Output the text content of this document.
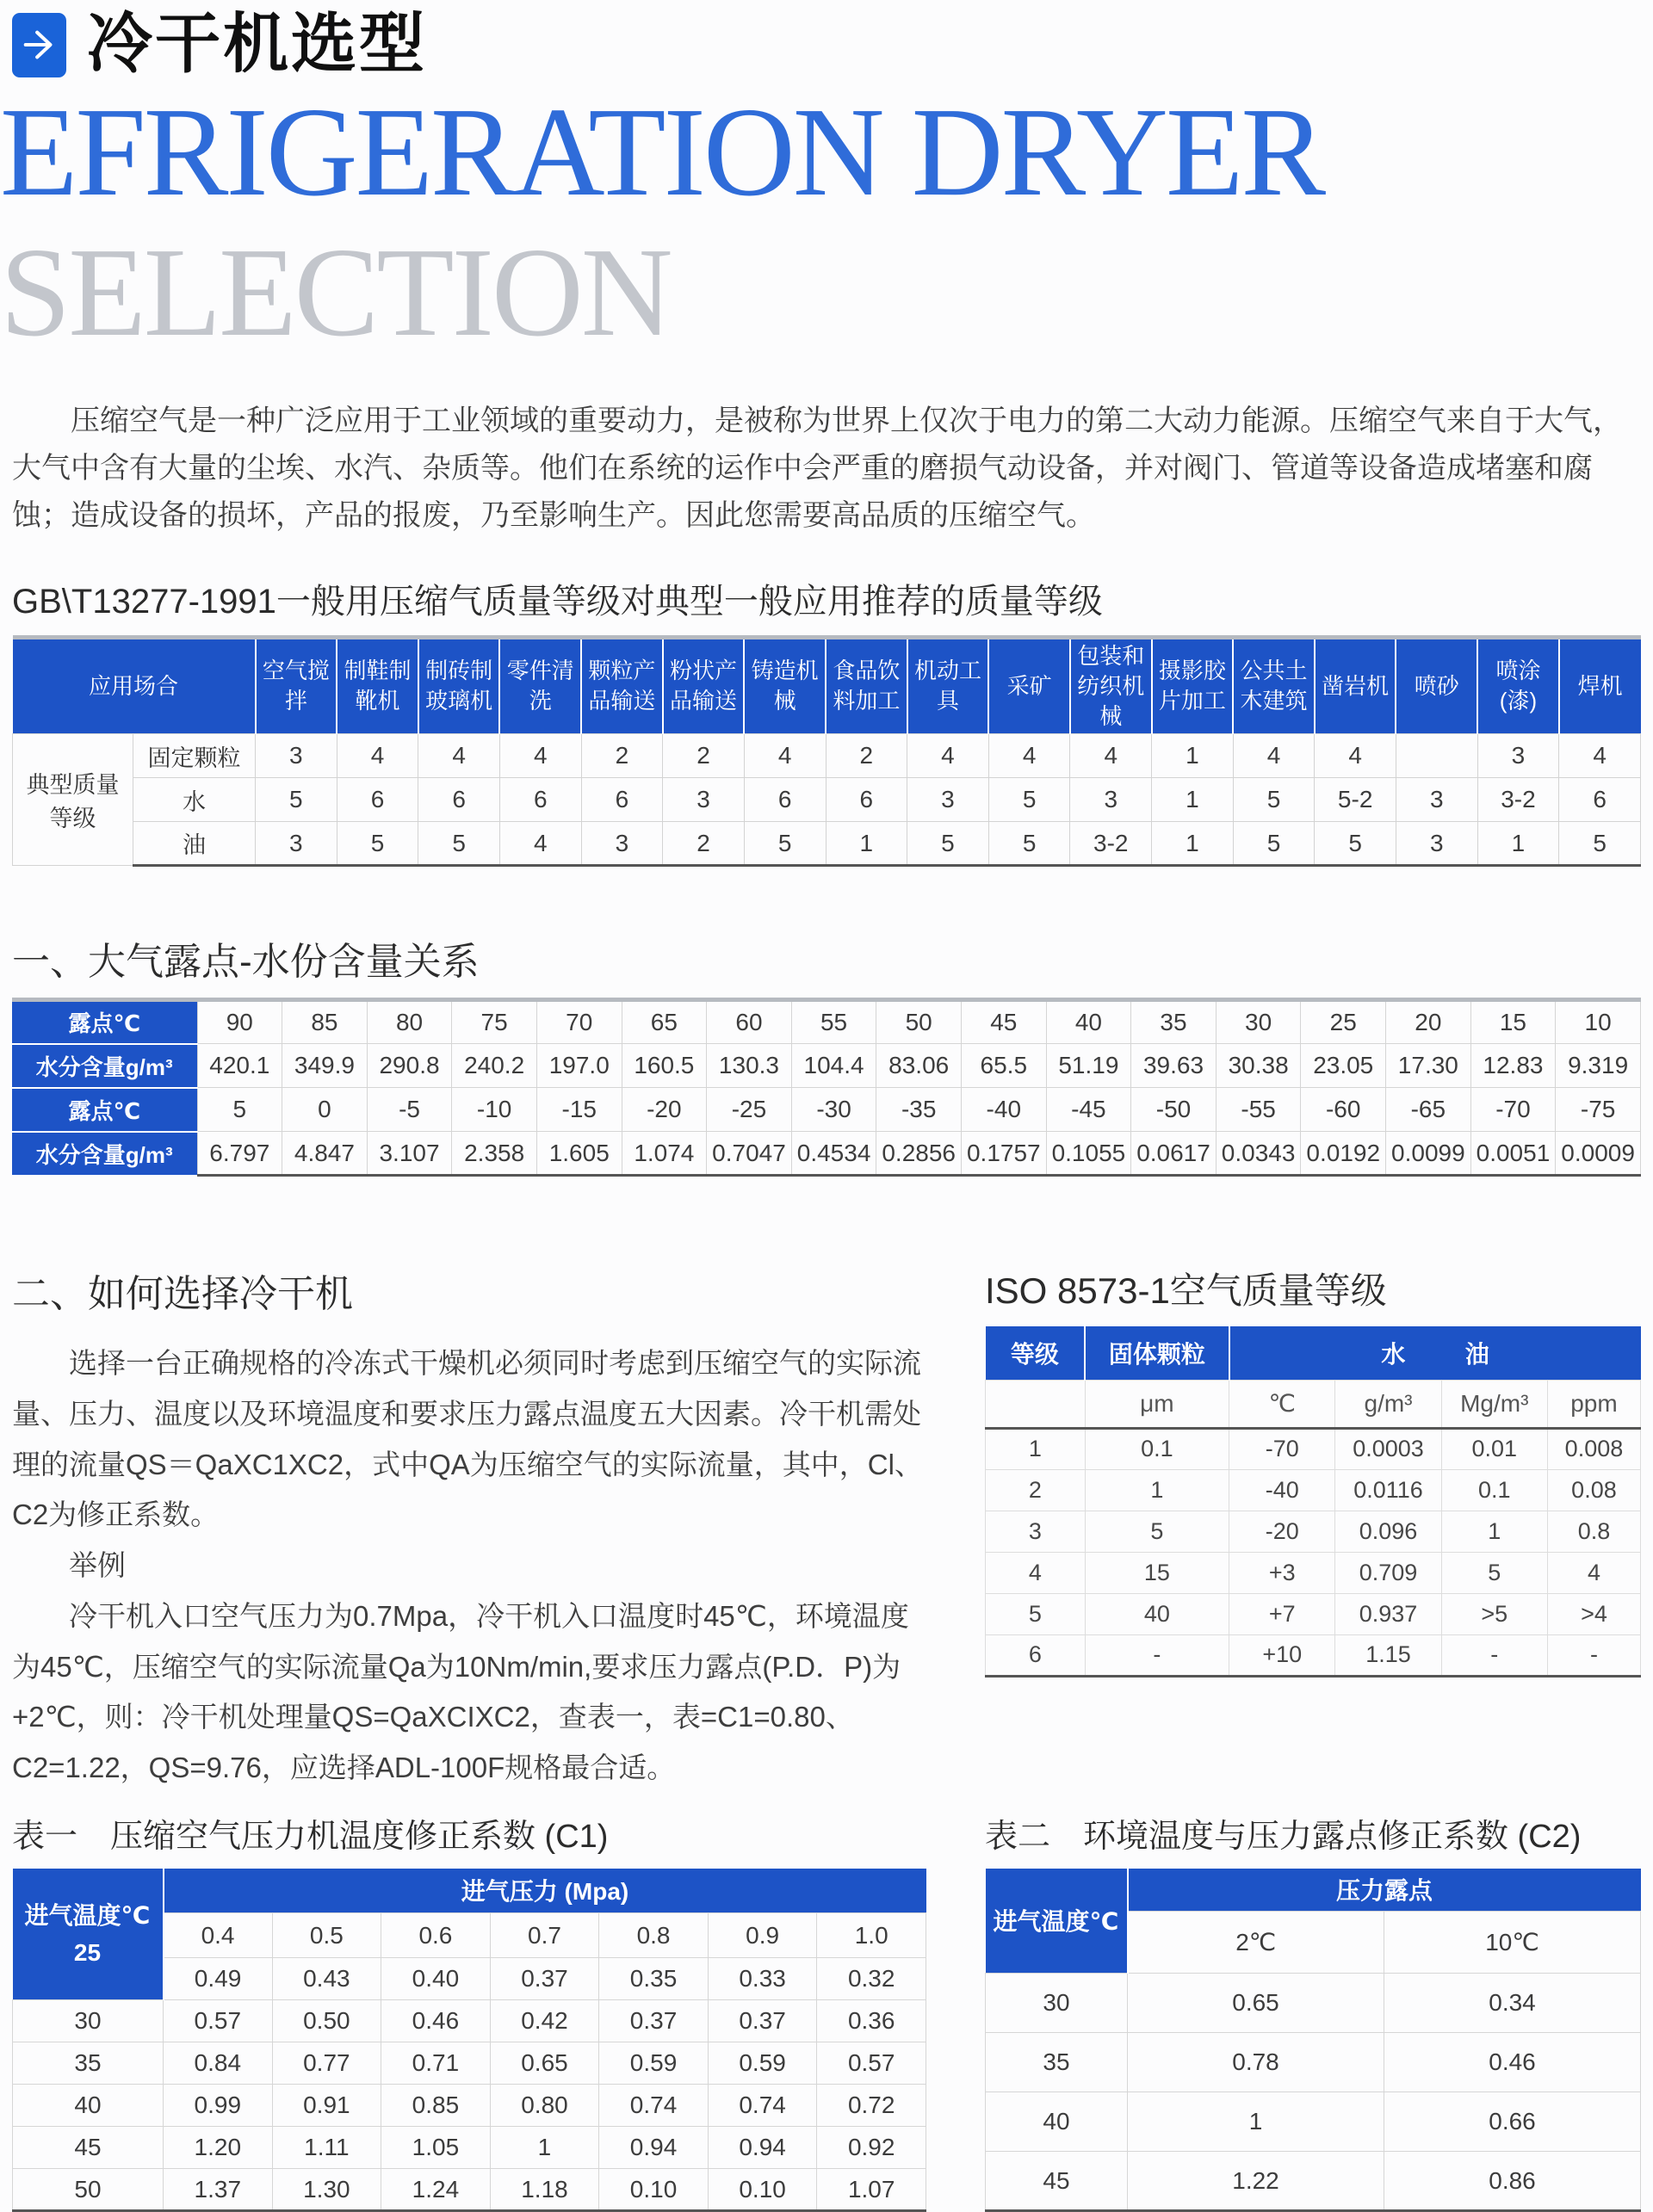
冷干机选型
EFRIGERATION DRYER
SELECTION

压缩空气是一种广泛应用于工业领域的重要动力，是被称为世界上仅次于电力的第二大动力能源。压缩空气来自于大气，大气中含有大量的尘埃、水汽、杂质等。他们在系统的运作中会严重的磨损气动设备，并对阀门、管道等设备造成堵塞和腐蚀；造成设备的损坏，产品的报废，乃至影响生产。因此您需要高品质的压缩空气。

GB\T13277-1991一般用压缩气质量等级对典型一般应用推荐的质量等级
应用场合		空气搅拌	制鞋制靴机	制砖制玻璃机	零件清洗	颗粒产品输送	粉状产品输送	铸造机械	食品饮料加工	机动工具	采矿	包装和纺织机械	摄影胶片加工	公共土木建筑	凿岩机	喷砂	喷涂(漆)	焊机
典型质量等级	固定颗粒	3	4	4	4	2	2	4	2	4	4	4	1	4	4		3	4
	水	5	6	6	6	6	3	6	6	3	5	3	1	5	5-2	3	3-2	6
	油	3	5	5	4	3	2	5	1	5	5	3-2	1	5	5	3	1	5
一、大气露点-水份含量关系
露点℃	90	85	80	75	70	65	60	55	50	45	40	35	30	25	20	15	10
水分含量g/m³	420.1	349.9	290.8	240.2	197.0	160.5	130.3	104.4	83.06	65.5	51.19	39.63	30.38	23.05	17.30	12.83	9.319
露点℃	5	0	-5	-10	-15	-20	-25	-30	-35	-40	-45	-50	-55	-60	-65	-70	-75
水分含量g/m³	6.797	4.847	3.107	2.358	1.605	1.074	0.7047	0.4534	0.2856	0.1757	0.1055	0.0617	0.0343	0.0192	0.0099	0.0051	0.0009
二、如何选择冷干机

选择一台正确规格的冷冻式干燥机必须同时考虑到压缩空气的实际流量、压力、温度以及环境温度和要求压力露点温度五大因素。冷干机需处理的流量QS＝QaXC1XC2，式中QA为压缩空气的实际流量，其中，Cl、C2为修正系数。

举例

冷干机入口空气压力为0.7Mpa，冷干机入口温度时45℃，环境温度为45℃，压缩空气的实际流量Qa为10Nm/min,要求压力露点(P.D．P)为+2℃，则：冷干机处理量QS=QaXCIXC2，查表一，表=C1=0.80、C2=1.22，QS=9.76，应选择ADL-100F规格最合适。

ISO 8573-1空气质量等级
等级	固体颗粒	水 油			
	μm	℃	g/m³	Mg/m³	ppm
1	0.1	-70	0.0003	0.01	0.008
2	1	-40	0.0116	0.1	0.08
3	5	-20	0.096	1	0.8
4	15	+3	0.709	5	4
5	40	+7	0.937	>5	>4
6	-	+10	1.15	-	-
表一　压缩空气压力机温度修正系数 (C1)
进气温度℃
25	进气压力 (Mpa)						
	0.4	0.5	0.6	0.7	0.8	0.9	1.0
	0.49	0.43	0.40	0.37	0.35	0.33	0.32
30	0.57	0.50	0.46	0.42	0.37	0.37	0.36
35	0.84	0.77	0.71	0.65	0.59	0.59	0.57
40	0.99	0.91	0.85	0.80	0.74	0.74	0.72
45	1.20	1.11	1.05	1	0.94	0.94	0.92
50	1.37	1.30	1.24	1.18	0.10	0.10	1.07
表二　环境温度与压力露点修正系数 (C2)
进气温度℃	压力露点	
	2℃	10℃
30	0.65	0.34
35	0.78	0.46
40	1	0.66
45	1.22	0.86
